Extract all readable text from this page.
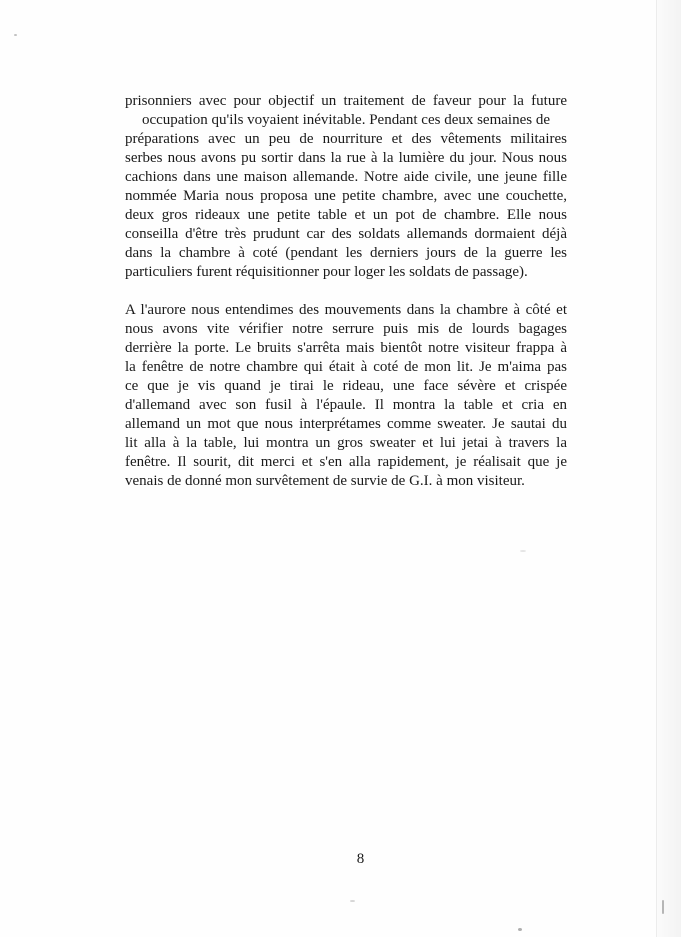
prisonniers avec pour objectif un traitement de faveur pour la future
occupation qu'ils voyaient inévitable. Pendant ces deux semaines de
préparations avec un peu de nourriture et des vêtements militaires
serbes nous avons pu sortir dans la rue à la lumière du jour. Nous nous
cachions dans une maison allemande. Notre aide civile, une jeune fille
nommée Maria nous proposa une petite chambre, avec une couchette,
deux gros rideaux une petite table et un pot de chambre. Elle nous
conseilla d'être très prudunt car des soldats allemands dormaient déjà
dans la chambre à coté (pendant les derniers jours de la guerre les
particuliers furent réquisitionner pour loger les soldats de passage).

A l'aurore nous entendimes des mouvements dans la chambre à côté et
nous avons vite vérifier notre serrure puis mis de lourds bagages
derrière la porte. Le bruits s'arrêta mais bientôt notre visiteur frappa à
la fenêtre de notre chambre qui était à coté de mon lit. Je m'aima pas
ce que je vis quand je tirai le rideau, une face sévère et crispée
d'allemand avec son fusil à l'épaule. Il montra la table et cria en
allemand un mot que nous interprétames comme sweater. Je sautai du
lit alla à la table, lui montra un gros sweater et lui jetai à travers la
fenêtre. Il sourit, dit merci et s'en alla rapidement, je réalisait que je
venais de donné mon survêtement de survie de G.I. à mon visiteur.

8
